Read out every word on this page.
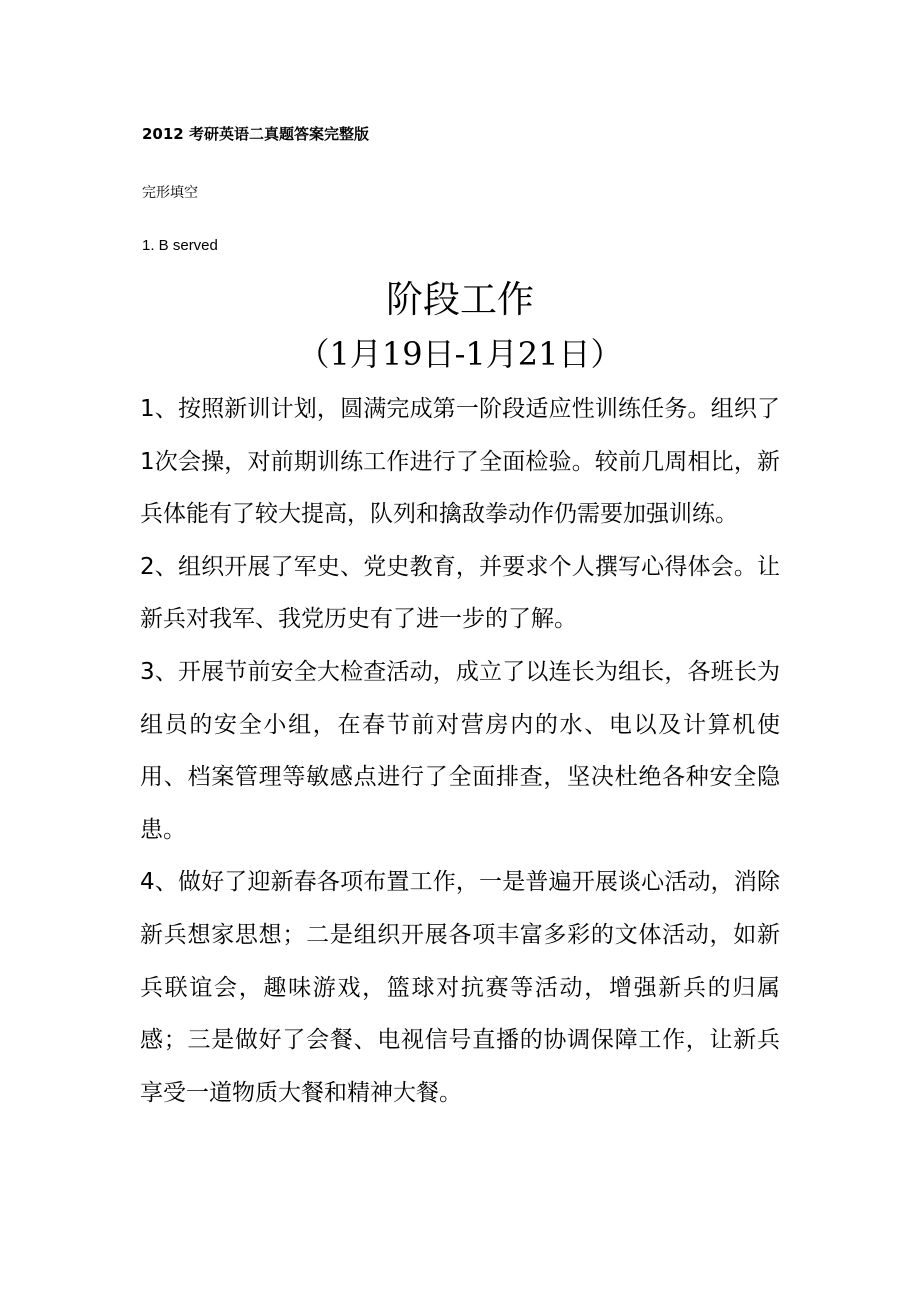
2012 考研英语二真题答案完整版
完形填空
1. B served
阶段工作
（1月19日-1月21日）

1、按照新训计划，圆满完成第一阶段适应性训练任务。组织了1次会操，对前期训练工作进行了全面检验。较前几周相比，新兵体能有了较大提高，队列和擒敌拳动作仍需要加强训练。

2、组织开展了军史、党史教育，并要求个人撰写心得体会。让新兵对我军、我党历史有了进一步的了解。

3、开展节前安全大检查活动，成立了以连长为组长，各班长为组员的安全小组，在春节前对营房内的水、电以及计算机使用、档案管理等敏感点进行了全面排查，坚决杜绝各种安全隐患。

4、做好了迎新春各项布置工作，一是普遍开展谈心活动，消除新兵想家思想；二是组织开展各项丰富多彩的文体活动，如新兵联谊会，趣味游戏，篮球对抗赛等活动，增强新兵的归属感；三是做好了会餐、电视信号直播的协调保障工作，让新兵享受一道物质大餐和精神大餐。
